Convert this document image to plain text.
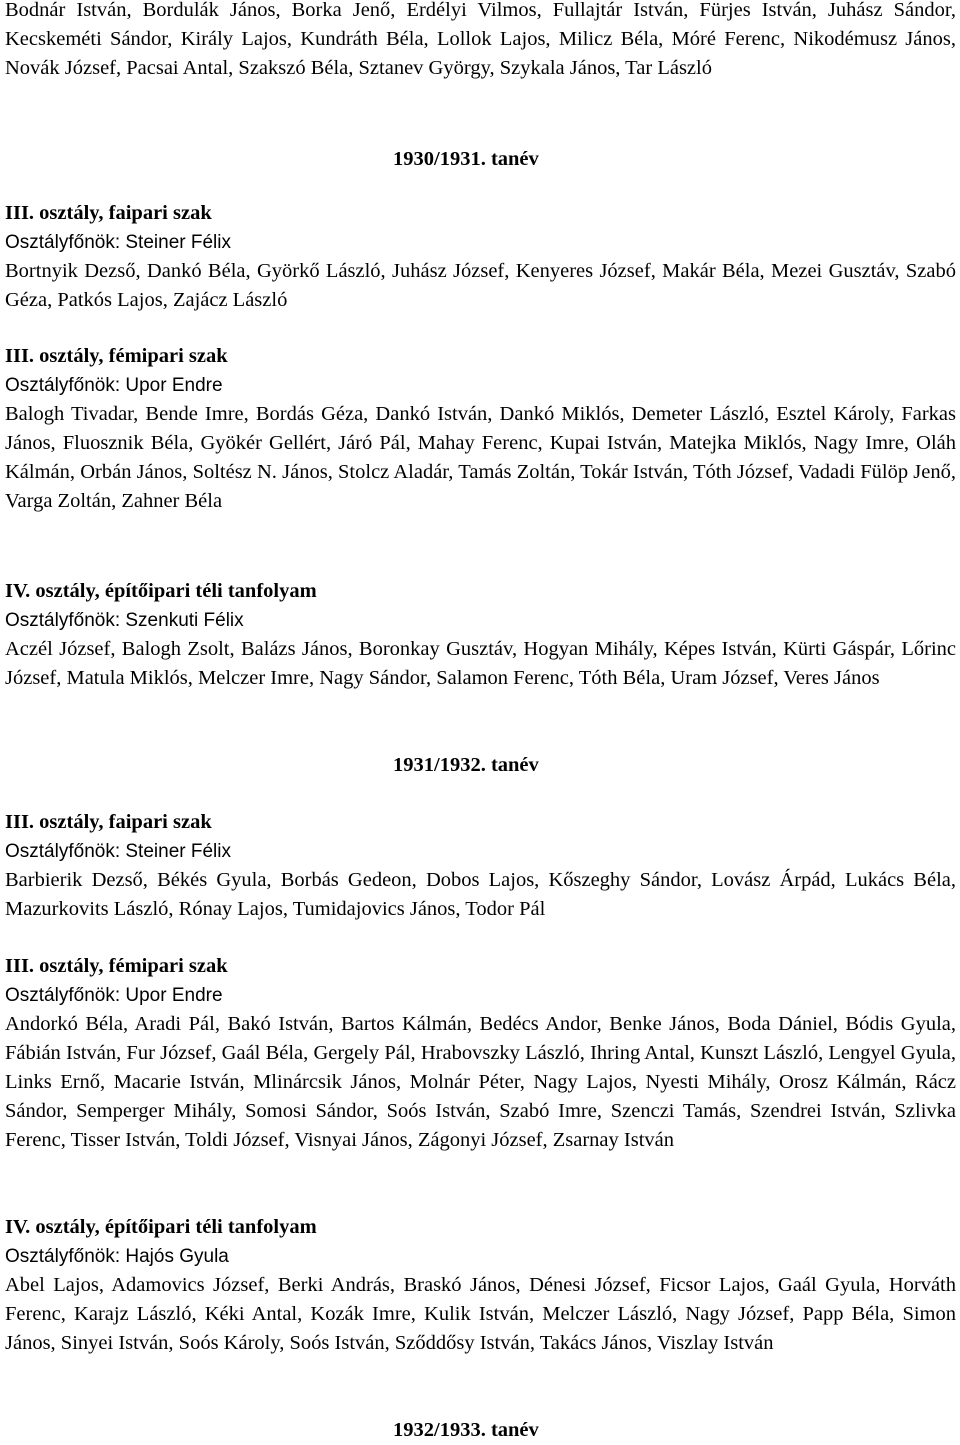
Bodnár István, Bordulák János, Borka Jenő, Erdélyi Vilmos, Fullajtár István, Fürjes István, Juhász Sándor, Kecskeméti Sándor, Király Lajos, Kundráth Béla, Lollok Lajos, Milicz Béla, Móré Ferenc, Nikodémusz János, Novák József, Pacsai Antal, Szakszó Béla, Sztanev György, Szykala János, Tar László

1930/1931. tanév

III. osztály, faipari szak

Osztályfőnök: Steiner Félix

Bortnyik Dezső, Dankó Béla, Györkő László, Juhász József, Kenyeres József, Makár Béla, Mezei Gusztáv, Szabó Géza, Patkós Lajos, Zajácz László

III. osztály, fémipari szak

Osztályfőnök: Upor Endre

Balogh Tivadar, Bende Imre, Bordás Géza, Dankó István, Dankó Miklós, Demeter László, Esztel Károly, Farkas János, Fluosznik Béla, Gyökér Gellért, Járó Pál, Mahay Ferenc, Kupai István, Matejka Miklós, Nagy Imre, Oláh Kálmán, Orbán János, Soltész N. János, Stolcz Aladár, Tamás Zoltán, Tokár István, Tóth József, Vadadi Fülöp Jenő, Varga Zoltán, Zahner Béla

IV. osztály, építőipari téli tanfolyam

Osztályfőnök: Szenkuti Félix

Aczél József, Balogh Zsolt, Balázs János, Boronkay Gusztáv, Hogyan Mihály, Képes István, Kürti Gáspár, Lőrinc József, Matula Miklós, Melczer Imre, Nagy Sándor, Salamon Ferenc, Tóth Béla, Uram József, Veres János

1931/1932. tanév

III. osztály, faipari szak

Osztályfőnök: Steiner Félix

Barbierik Dezső, Békés Gyula, Borbás Gedeon, Dobos Lajos, Kőszeghy Sándor, Lovász Árpád, Lukács Béla, Mazurkovits László, Rónay Lajos, Tumidajovics János, Todor Pál

III. osztály, fémipari szak

Osztályfőnök: Upor Endre

Andorkó Béla, Aradi Pál, Bakó István, Bartos Kálmán, Bedécs Andor, Benke János, Boda Dániel, Bódis Gyula, Fábián István, Fur József, Gaál Béla, Gergely Pál, Hrabovszky László, Ihring Antal, Kunszt László, Lengyel Gyula, Links Ernő, Macarie István, Mlinárcsik János, Molnár Péter, Nagy Lajos, Nyesti Mihály, Orosz Kálmán, Rácz Sándor, Semperger Mihály, Somosi Sándor, Soós István, Szabó Imre, Szenczi Tamás, Szendrei István, Szlivka Ferenc, Tisser István, Toldi József, Visnyai János, Zágonyi József, Zsarnay István

IV. osztály, építőipari téli tanfolyam

Osztályfőnök: Hajós Gyula

Abel Lajos, Adamovics József, Berki András, Braskó János, Dénesi József, Ficsor Lajos, Gaál Gyula, Horváth Ferenc, Karajz László, Kéki Antal, Kozák Imre, Kulik István, Melczer László, Nagy József, Papp Béla, Simon János, Sinyei István, Soós Károly, Soós István, Sződdősy István, Takács János, Viszlay István

1932/1933. tanév
